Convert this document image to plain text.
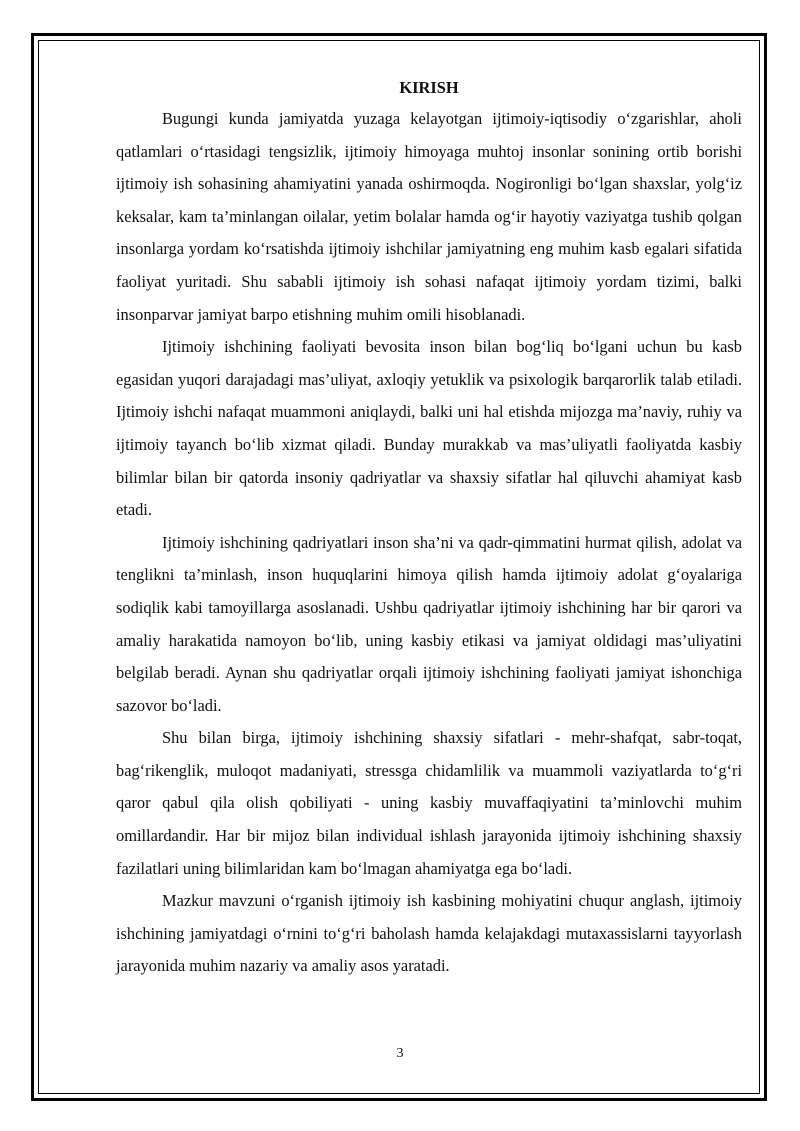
KIRISH

Bugungi kunda jamiyatda yuzaga kelayotgan ijtimoiy-iqtisodiy o‘zgarishlar, aholi qatlamlari o‘rtasidagi tengsizlik, ijtimoiy himoyaga muhtoj insonlar sonining ortib borishi ijtimoiy ish sohasining ahamiyatini yanada oshirmoqda. Nogironligi bo‘lgan shaxslar, yolg‘iz keksalar, kam ta’minlangan oilalar, yetim bolalar hamda og‘ir hayotiy vaziyatga tushib qolgan insonlarga yordam ko‘rsatishda ijtimoiy ishchilar jamiyatning eng muhim kasb egalari sifatida faoliyat yuritadi. Shu sababli ijtimoiy ish sohasi nafaqat ijtimoiy yordam tizimi, balki insonparvar jamiyat barpo etishning muhim omili hisoblanadi.

Ijtimoiy ishchining faoliyati bevosita inson bilan bog‘liq bo‘lgani uchun bu kasb egasidan yuqori darajadagi mas’uliyat, axloqiy yetuklik va psixologik barqarorlik talab etiladi. Ijtimoiy ishchi nafaqat muammoni aniqlaydi, balki uni hal etishda mijozga ma’naviy, ruhiy va ijtimoiy tayanch bo‘lib xizmat qiladi. Bunday murakkab va mas’uliyatli faoliyatda kasbiy bilimlar bilan bir qatorda insoniy qadriyatlar va shaxsiy sifatlar hal qiluvchi ahamiyat kasb etadi.

Ijtimoiy ishchining qadriyatlari inson sha’ni va qadr-qimmatini hurmat qilish, adolat va tenglikni ta’minlash, inson huquqlarini himoya qilish hamda ijtimoiy adolat g‘oyalariga sodiqlik kabi tamoyillarga asoslanadi. Ushbu qadriyatlar ijtimoiy ishchining har bir qarori va amaliy harakatida namoyon bo‘lib, uning kasbiy etikasi va jamiyat oldidagi mas’uliyatini belgilab beradi. Aynan shu qadriyatlar orqali ijtimoiy ishchining faoliyati jamiyat ishonchiga sazovor bo‘ladi.

Shu bilan birga, ijtimoiy ishchining shaxsiy sifatlari - mehr-shafqat, sabr-toqat, bag‘rikenglik, muloqot madaniyati, stressga chidamlilik va muammoli vaziyatlarda to‘g‘ri qaror qabul qila olish qobiliyati - uning kasbiy muvaffaqiyatini ta’minlovchi muhim omillardandir. Har bir mijoz bilan individual ishlash jarayonida ijtimoiy ishchining shaxsiy fazilatlari uning bilimlaridan kam bo‘lmagan ahamiyatga ega bo‘ladi.

Mazkur mavzuni o‘rganish ijtimoiy ish kasbining mohiyatini chuqur anglash, ijtimoiy ishchining jamiyatdagi o‘rnini to‘g‘ri baholash hamda kelajakdagi mutaxassislarni tayyorlash jarayonida muhim nazariy va amaliy asos yaratadi.

3
